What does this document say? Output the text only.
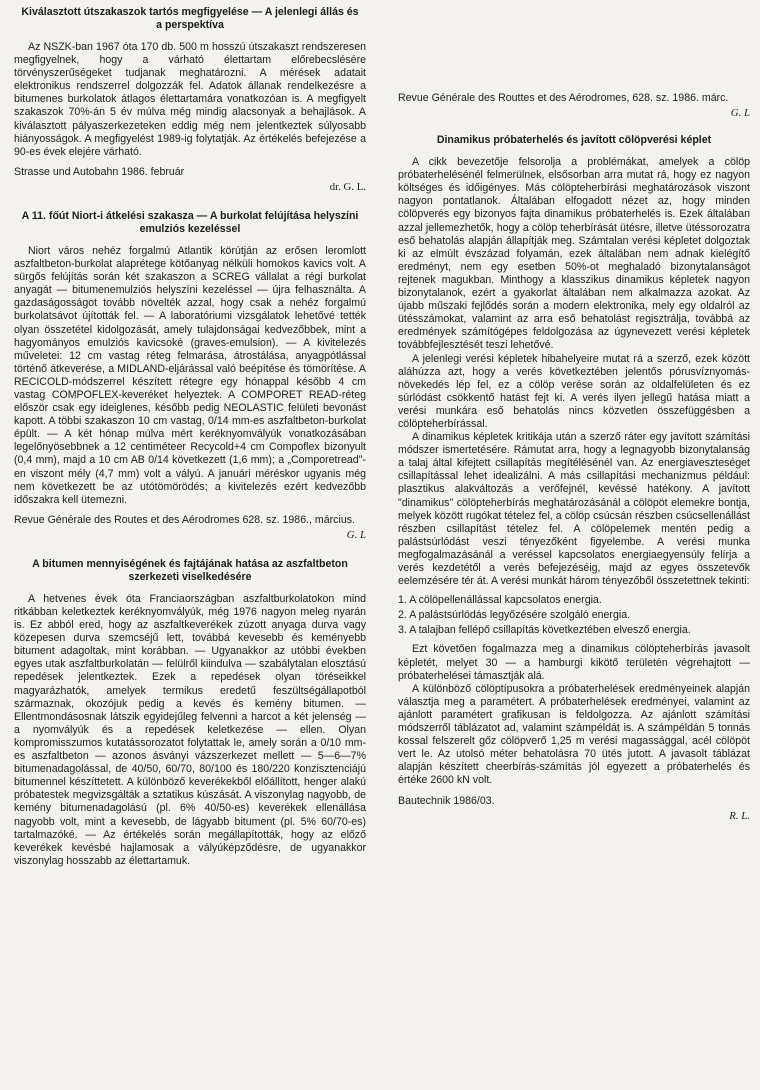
Kiválasztott útszakaszok tartós megfigyelése — A jelenlegi állás és a perspektíva

Az NSZK-ban 1967 óta 170 db. 500 m hosszú útszakaszt rendszeresen megfigyelnek, hogy a várható élettartam előrebecslésére törvényszerűségeket tudjanak meghatározni. A mérések adatait elektronikus rendszerrel dolgozzák fel. Adatok állanak rendelkezésre a bitumenes burkolatok átlagos élettartamára vonatkozóan is. A megfigyelt szakaszok 70%-án 5 év múlva még mindig alacsonyak a behajlások. A kiválasztott pályaszerkezeteken eddig még nem jelentkeztek súlyosabb hiányosságok. A megfigyelést 1989-ig folytatják. Az értékelés befejezése a 90-es évek elejére várható.

Strasse und Autobahn 1986. február

dr. G. L.

A 11. főút Niort-i átkelési szakasza — A burkolat felújítása helyszíni emulziós kezeléssel

Niort város nehéz forgalmú Atlantik körútján az erősen leromlott aszfaltbeton-burkolat alaprétege kötőanyag nélküli homokos kavics volt. A sürgős felújítás során két szakaszon a SCREG vállalat a régi burkolat anyagát — bitumenemulziós helyszíni kezeléssel — újra felhasználta. A gazdaságosságot tovább növelték azzal, hogy csak a nehéz forgalmú burkolatsávot újították fel. — A laboratóriumi vizsgálatok lehetővé tették olyan összetétel kidolgozását, amely tulajdonságai kedvezőbbek, mint a hagyományos emulziós kavicsoké (graves-emulsion). — A kivitelezés műveletei: 12 cm vastag réteg felmarása, átrostálása, anyagpótlással történő átkeverése, a MIDLAND-eljárással való beépítése és tömörítése. A RECICOLD-módszerrel készített rétegre egy hónappal később 4 cm vastag COMPOFLEX-keveréket helyeztek. A COMPORET READ-réteg először csak egy ideiglenes, később pedig NEOLASTIC felületi bevonást kapott. A többi szakaszon 10 cm vastag, 0/14 mm-es aszfaltbeton-burkolat épült. — A két hónap múlva mért keréknyomvályúk vonatkozásában legelőnyösebbnek a 12 centiméteer Recycold+4 cm Compoflex bizonyult (0,4 mm), majd a 10 cm AB 0/14 következett (1,6 mm); a „Comporetread"-en viszont mély (4,7 mm) volt a vályú. A januári méréskor ugyanis még nem következett be az utótömörödés; a kivitelezés ezért kedvezőbb időszakra kell ütemezni.

Revue Générale des Routes et des Aérodromes 628. sz. 1986., március.

G. L

A bitumen mennyiségének és fajtájának hatása az aszfaltbeton szerkezeti viselkedésére

A hetvenes évek óta Franciaországban aszfaltburkolatokon mind ritkábban keletkeztek keréknyomvályúk, még 1976 nagyon meleg nyarán is. Ez abból ered, hogy az aszfaltkeverékek zúzott anyaga durva vagy közepesen durva szemcséjű lett, továbbá kevesebb és keményebb bitument adagoltak, mint korábban. — Ugyanakkor az utóbbi években egyes utak aszfaltburkolatán — felülről kiindulva — szabálytalan elosztású repedések jelentkeztek. Ezek a repedések olyan töréseikkel magyarázhatók, amelyek termikus eredetű feszültségállapotból származnak, okozójuk pedig a kevés és kemény bitumen. — Ellentmondásosnak látszik egyidejűleg felvenni a harcot a két jelenség — a nyomvályúk és a repedések keletkezése — ellen. Olyan kompromisszumos kutatássorozatot folytattak le, amely során a 0/10 mm-es aszfaltbeton — azonos ásványi vázszerkezet mellett — 5—6—7% bitumenadagolással, de 40/50, 60/70, 80/100 és 180/220 konzisztenciájú bitumennel készíttetett. A különböző keverékekből előállított, henger alakú próbatestek megvizsgálták a sztatikus kúszását. A viszonylag nagyobb, de kemény bitumenadagolású (pl. 6% 40/50-es) keverékek ellenállása nagyobb volt, mint a kevesebb, de lágyabb bitument (pl. 5% 60/70-es) tartalmazóké. — Az értékelés során megállapították, hogy az előző keverékek kevésbé hajlamosak a vályúképződésre, de ugyanakkor viszonylag hosszabb az élettartamuk.

Revue Générale des Routtes et des Aérodromes, 628. sz. 1986. márc.

G. L

Dinamikus próbaterhelés és javított cölöpverési képlet

A cikk bevezetője felsorolja a problémákat, amelyek a cölöp próbaterhelésénél felmerülnek, elsősorban arra mutat rá, hogy ez nagyon költséges és időigényes. Más cölöpteherbírási meghatározások viszont nagyon pontatlanok. Általában elfogadott nézet az, hogy minden cölöpverés egy bizonyos fajta dinamikus próbaterhelés is. Ezek általában azzal jellemezhetők, hogy a cölöp teherbírását ütésre, illetve ütéssorozatra eső behatolás alapján állapítják meg. Számtalan verési képletet dolgoztak ki az elmúlt évszázad folyamán, ezek általában nem adnak kielégítő eredményt, nem egy esetben 50%-ot meghaladó bizonytalanságot rejtenek magukban. Minthogy a klasszikus dinamikus képletek nagyon bizonytalanok, ezért a gyakorlat általában nem alkalmazza azokat. Az újabb műszaki fejlődés során a modern elektronika, mely egy oldalról az ütésszámokat, valamint az arra eső behatolást regisztrálja, továbbá az eredmények számítógépes feldolgozása az úgynevezett verési képletek továbbfejlesztését teszi lehetővé.

A jelenlegi verési képletek hibahelyeire mutat rá a szerző, ezek között aláhúzza azt, hogy a verés következtében jelentős pórusvíznyomás-növekedés lép fel, ez a cölöp verése során az oldalfelületen és ez súrlódást csökkentő hatást fejt ki. A verés ilyen jellegű hatása miatt a verési munkára eső behatolás nincs közvetlen összefüggésben a cölöpteherbírással.

A dinamikus képletek kritikája után a szerző ráter egy javított számítási módszer ismertetésére. Rámutat arra, hogy a legnagyobb bizonytalanság a talaj által kifejtett csillapítás megítélésénél van. Az energiaveszteséget csillapítással lehet idealizálni. A más csillapítási mechanizmus például: plasztikus alakváltozás a verőfejnél, kevéssé hatékony. A javított "dinamikus" cölöpteherbírás meghatározásánál a cölöpöt elemekre bontja, melyek között rugókat tételez fel, a cölöp csúcsán részben csúcsellenállást részben csillapítást tételez fel. A cölöpelemek mentén pedig a palástsúrlódást veszi tényezőként figyelembe. A verési munka megfogalmazásánál a veréssel kapcsolatos energiaegyensúly felírja a verés kezdetétől a verés befejezéséig, majd az egyes összetevők eelemzésére tér át. A verési munkát három tényezőből összetettnek tekinti:

1. A cölöpellenállással kapcsolatos energia.
2. A palástsúrlódás legyőzésére szolgáló energia.
3. A talajban fellépő csillapítás következtében elvesző energia.

Ezt követően fogalmazza meg a dinamikus cölöpteherbírás javasolt képletét, melyet 30 — a hamburgi kikötő területén végrehajtott — próbaterhelései támasztják alá.

A különböző cölöptípusokra a próbaterhelések eredményeinek alapján választja meg a paramétert. A próbaterhelések eredményei, valamint az ajánlott paramétert grafikusan is feldolgozza. Az ajánlott számítási módszerről táblázatot ad, valamint számpéldát is. A számpéldán 5 tonnás kossal felszerelt gőz cölöpverő 1,25 m verési magassággal, acél cölöpöt vert le. Az utolsó méter behatolásra 70 ütés jutott. A javasolt táblázat alapján készített cheerbírás-számítás jól egyezett a próbaterhelés és értéke 2600 kN volt.

Bautechnik 1986/03.

R. L.
